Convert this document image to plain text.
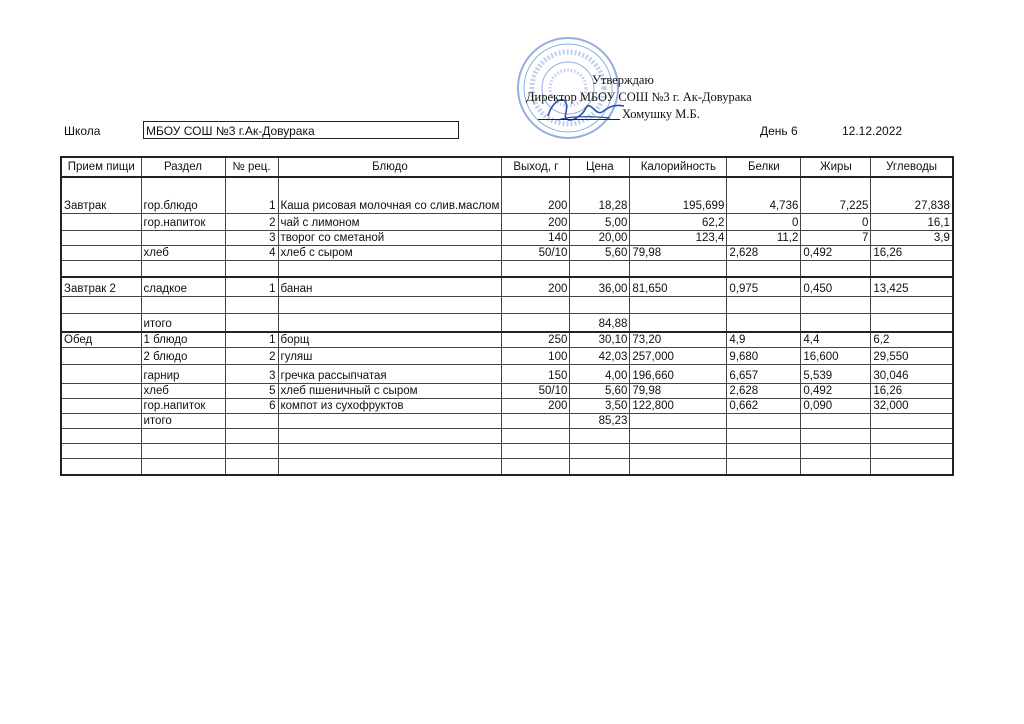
Утверждаю
Директор МБОУ СОШ №3 г. Ак-Довурака
Хомушку М.Б.
Школа	МБОУ СОШ №3 г.Ак-Довурака	День 6	12.12.2022
Прием пищи	Раздел	№ рец.	Блюдо	Выход, г	Цена	Калорийность	Белки	Жиры	Углеводы
Завтрак	гор.блюдо	1	Каша рисовая молочная со слив.маслом	200	18,28	195,699	4,736	7,225	27,838
	гор.напиток	2	чай с лимоном	200	5,00	62,2	0	0	16,1
		3	творог со сметаной	140	20,00	123,4	11,2	7	3,9
	хлеб	4	хлеб с сыром	50/10	5,60	79,98	2,628	0,492	16,26

Завтрак 2	сладкое	1	банан	200	36,00	81,650	0,975	0,450	13,425

	итого				84,88				
Обед	1 блюдо	1	борщ	250	30,10	73,20	4,9	4,4	6,2
	2 блюдо	2	гуляш	100	42,03	257,000	9,680	16,600	29,550
	гарнир	3	гречка рассыпчатая	150	4,00	196,660	6,657	5,539	30,046
	хлеб	5	хлеб пшеничный с сыром	50/10	5,60	79,98	2,628	0,492	16,26
	гор.напиток	6	компот из сухофруктов	200	3,50	122,800	0,662	0,090	32,000
	итого				85,23				
